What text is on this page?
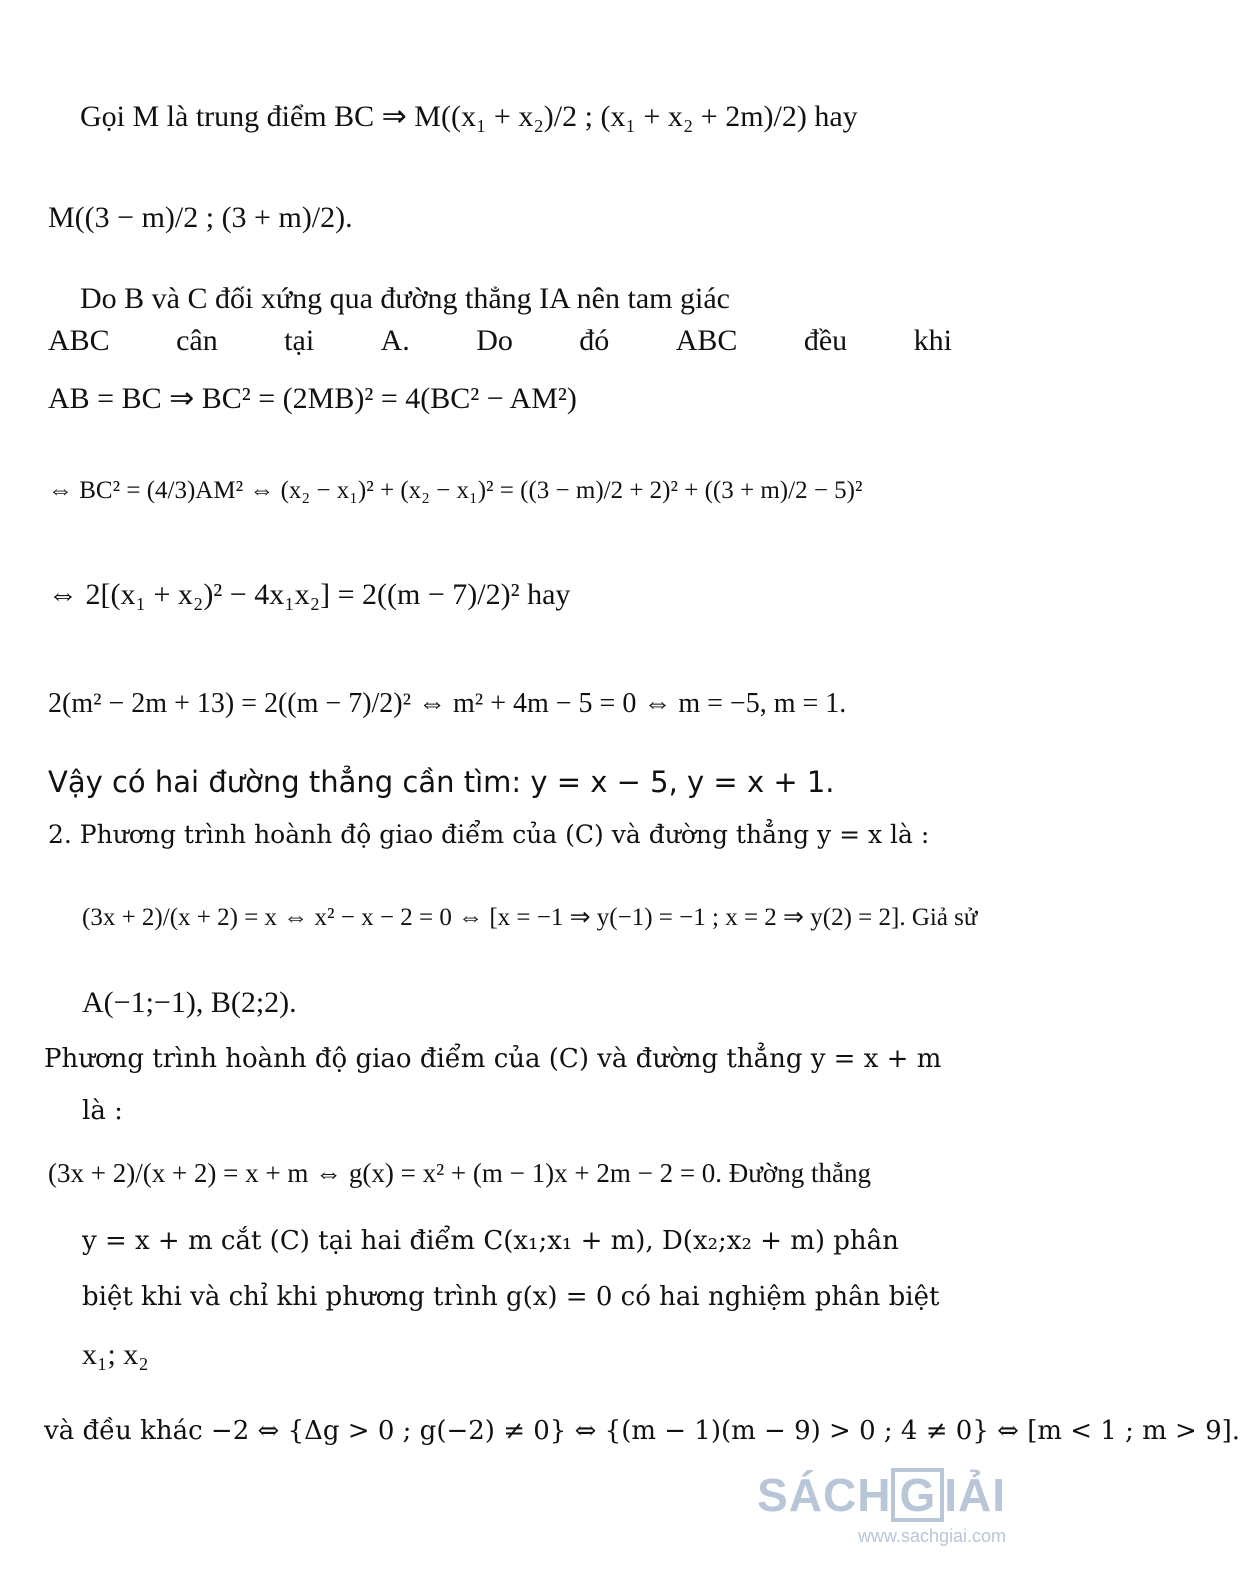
Gọi M là trung điểm BC ⇒ M((x₁ + x₂)/2 ; (x₁ + x₂ + 2m)/2) hay
M((3 − m)/2 ; (3 + m)/2).
Do B và C đối xứng qua đường thẳng IA nên tam giác
ABC cân tại A. Do đó ABC đều khi
AB = BC ⇒ BC² = (2MB)² = 4(BC² − AM²)
⇔ BC² = (4/3)AM² ⇔ (x₂ − x₁)² + (x₂ − x₁)² = ((3 − m)/2 + 2)² + ((3 + m)/2 − 5)²
⇔ 2[(x₁ + x₂)² − 4x₁x₂] = 2((m − 7)/2)² hay
2(m² − 2m + 13) = 2((m − 7)/2)² ⇔ m² + 4m − 5 = 0 ⇔ m = −5, m = 1.
Vậy có hai đường thẳng cần tìm: y = x − 5, y = x + 1.
2. Phương trình hoành độ giao điểm của (C) và đường thẳng y = x là :
(3x + 2)/(x + 2) = x ⇔ x² − x − 2 = 0 ⇔ [x = −1 ⇒ y(−1) = −1 ; x = 2 ⇒ y(2) = 2]. Giả sử
A(−1;−1), B(2;2).
Phương trình hoành độ giao điểm của (C) và đường thẳng y = x + m
là :
(3x + 2)/(x + 2) = x + m ⇔ g(x) = x² + (m − 1)x + 2m − 2 = 0. Đường thẳng
y = x + m cắt (C) tại hai điểm C(x₁;x₁ + m), D(x₂;x₂ + m) phân
biệt khi và chỉ khi phương trình g(x) = 0 có hai nghiệm phân biệt
x₁; x₂
và đều khác −2 ⇔ {Δg > 0 ; g(−2) ≠ 0} ⇔ {(m − 1)(m − 9) > 0 ; 4 ≠ 0} ⇔ [m < 1 ; m > 9].
SÁCH G IẢI
www.sachgiai.com
